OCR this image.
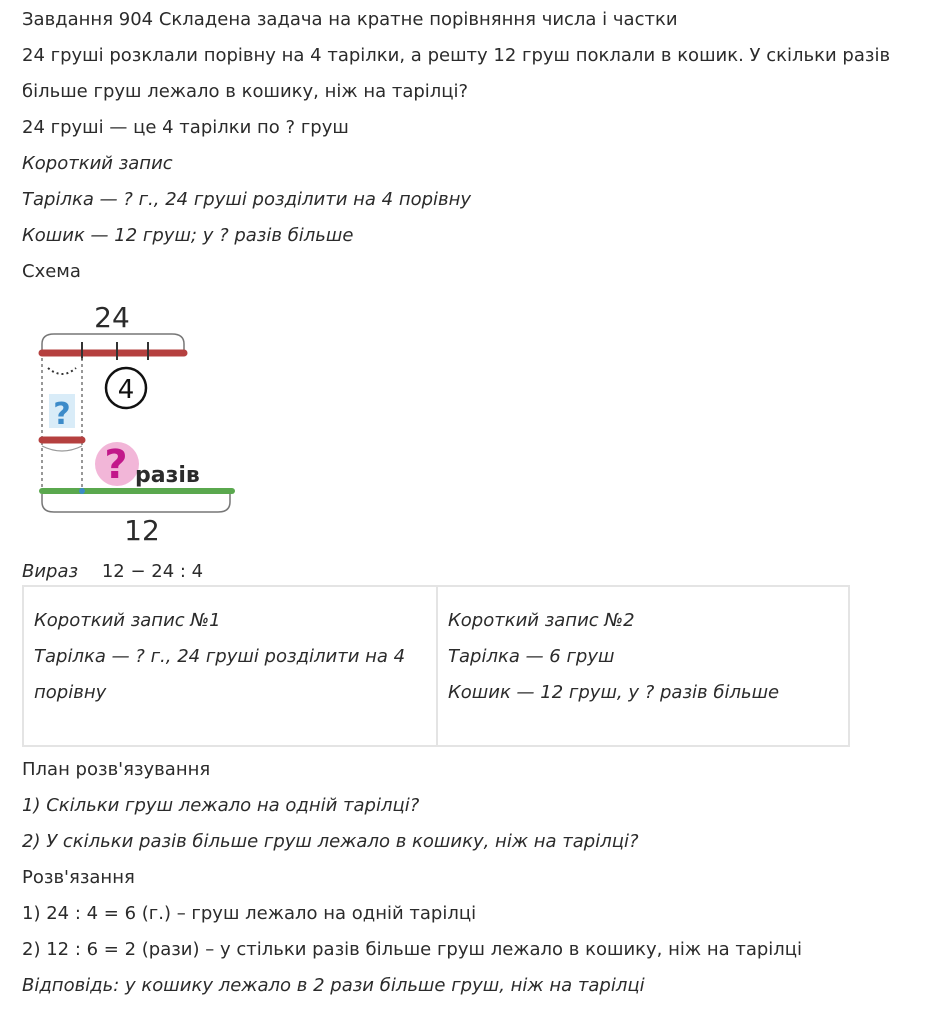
Завдання 904 Складена задача на кратне порівняння числа і частки
24 груші розклали порівну на 4 тарілки, а решту 12 груш поклали в кошик. У скільки разів
більше груш лежало в кошику, ніж на тарілці?
24 груші — це 4 тарілки по ? груш
Короткий запис
Тарілка — ? г., 24 груші розділити на 4 порівну
Кошик — 12 груш; у ? разів більше
Схема
24
4
?
? разів
12
Вираз 12 − 24 : 4
Короткий запис №1
Тарілка — ? г., 24 груші розділити на 4 порівну
Короткий запис №2
Тарілка — 6 груш
Кошик — 12 груш, у ? разів більше
План розв'язування
1) Скільки груш лежало на одній тарілці?
2) У скільки разів більше груш лежало в кошику, ніж на тарілці?
Розв'язання
1) 24 : 4 = 6 (г.) – груш лежало на одній тарілці
2) 12 : 6 = 2 (рази) – у стільки разів більше груш лежало в кошику, ніж на тарілці
Відповідь: у кошику лежало в 2 рази більше груш, ніж на тарілці
